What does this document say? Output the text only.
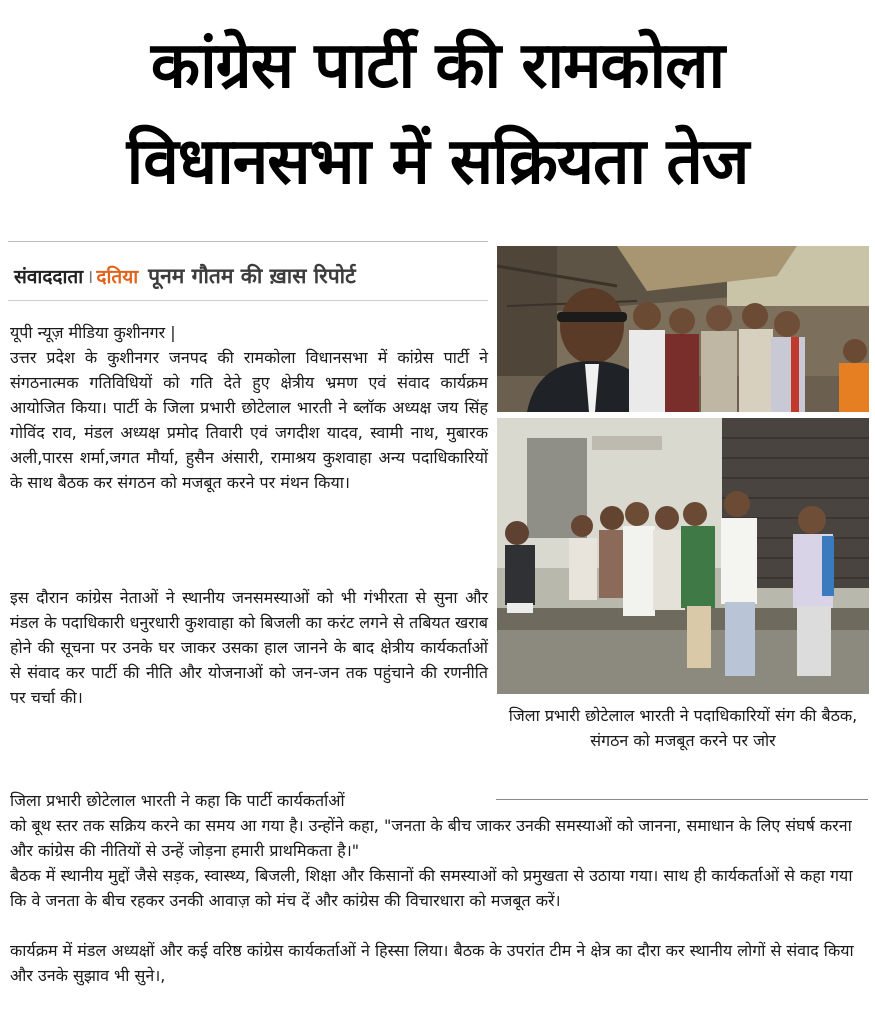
कांग्रेस पार्टी की रामकोला
विधानसभा में सक्रियता तेज
संवाददाता । दतिया पूनम गौतम की ख़ास रिपोर्ट

यूपी न्यूज़ मीडिया कुशीनगर |

उत्तर प्रदेश के कुशीनगर जनपद की रामकोला विधानसभा में कांग्रेस पार्टी ने संगठनात्मक गतिविधियों को गति देते हुए क्षेत्रीय भ्रमण एवं संवाद कार्यक्रम आयोजित किया। पार्टी के जिला प्रभारी छोटेलाल भारती ने ब्लॉक अध्यक्ष जय सिंह गोविंद राव, मंडल अध्यक्ष प्रमोद तिवारी एवं जगदीश यादव, स्वामी नाथ, मुबारक अली,पारस शर्मा,जगत मौर्या, हुसैन अंसारी, रामाश्रय कुशवाहा अन्य पदाधिकारियों के साथ बैठक कर संगठन को मजबूत करने पर मंथन किया।

इस दौरान कांग्रेस नेताओं ने स्थानीय जनसमस्याओं को भी गंभीरता से सुना और मंडल के पदाधिकारी धनुरधारी कुशवाहा को बिजली का करंट लगने से तबियत खराब होने की सूचना पर उनके घर जाकर उसका हाल जानने के बाद क्षेत्रीय कार्यकर्ताओं से संवाद कर पार्टी की नीति और योजनाओं को जन-जन तक पहुंचाने की रणनीति पर चर्चा की।

जिला प्रभारी छोटेलाल भारती ने कहा कि पार्टी कार्यकर्ताओं

को बूथ स्तर तक सक्रिय करने का समय आ गया है। उन्होंने कहा, "जनता के बीच जाकर उनकी समस्याओं को जानना, समाधान के लिए संघर्ष करना और कांग्रेस की नीतियों से उन्हें जोड़ना हमारी प्राथमिकता है।"

बैठक में स्थानीय मुद्दों जैसे सड़क, स्वास्थ्य, बिजली, शिक्षा और किसानों की समस्याओं को प्रमुखता से उठाया गया। साथ ही कार्यकर्ताओं से कहा गया कि वे जनता के बीच रहकर उनकी आवाज़ को मंच दें और कांग्रेस की विचारधारा को मजबूत करें।

कार्यक्रम में मंडल अध्यक्षों और कई वरिष्ठ कांग्रेस कार्यकर्ताओं ने हिस्सा लिया। बैठक के उपरांत टीम ने क्षेत्र का दौरा कर स्थानीय लोगों से संवाद किया और उनके सुझाव भी सुने।,

जिला प्रभारी छोटेलाल भारती ने पदाधिकारियों संग की बैठक, संगठन को मजबूत करने पर जोर
